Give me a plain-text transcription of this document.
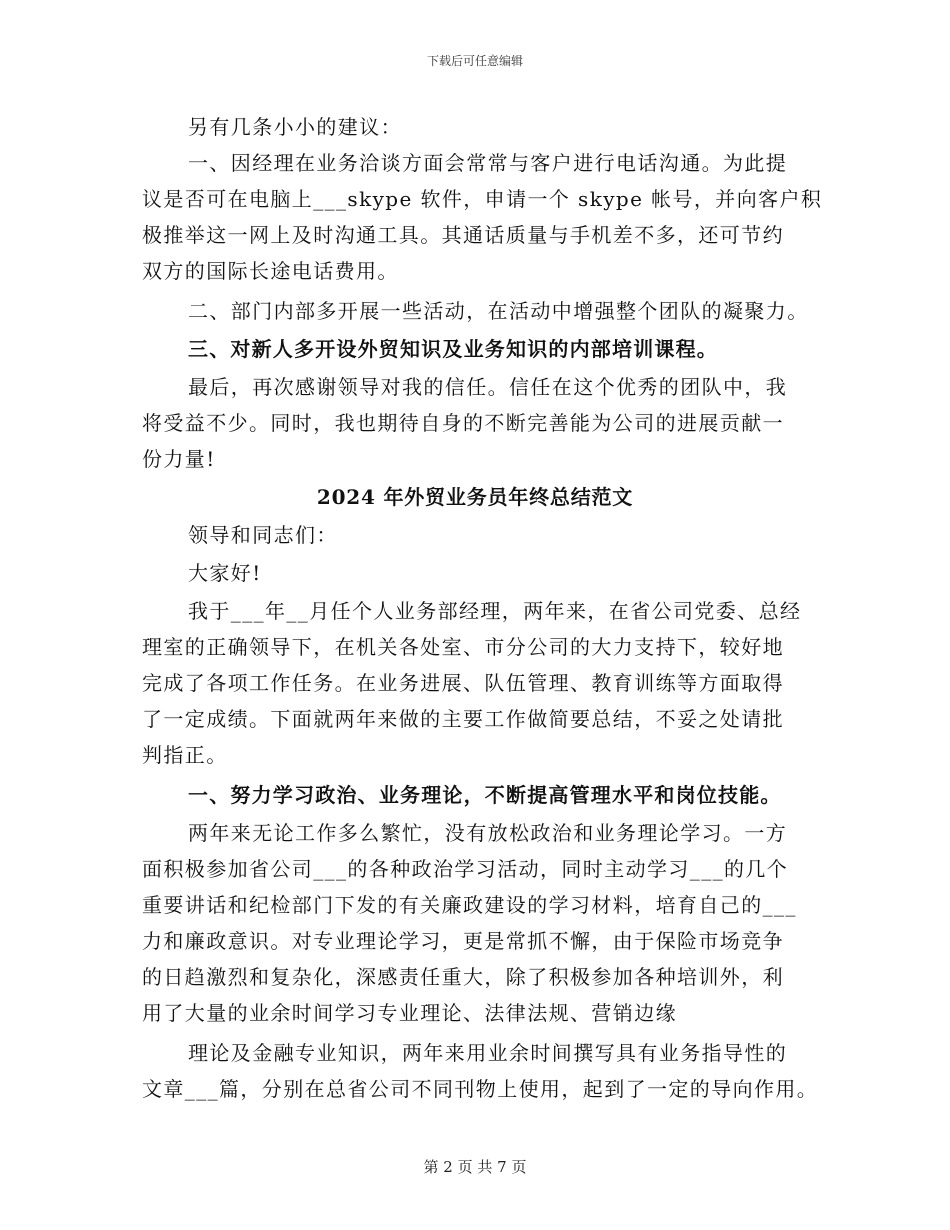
下载后可任意编辑
另有几条小小的建议：
一、因经理在业务洽谈方面会常常与客户进行电话沟通。为此提
议是否可在电脑上___skype 软件，申请一个 skype 帐号，并向客户积
极推举这一网上及时沟通工具。其通话质量与手机差不多，还可节约
双方的国际长途电话费用。
二、部门内部多开展一些活动，在活动中增强整个团队的凝聚力。
三、对新人多开设外贸知识及业务知识的内部培训课程。
最后，再次感谢领导对我的信任。信任在这个优秀的团队中，我
将受益不少。同时，我也期待自身的不断完善能为公司的进展贡献一
份力量!
2024 年外贸业务员年终总结范文
领导和同志们：
大家好!
我于___年__月任个人业务部经理，两年来，在省公司党委、总经
理室的正确领导下，在机关各处室、市分公司的大力支持下，较好地
完成了各项工作任务。在业务进展、队伍管理、教育训练等方面取得
了一定成绩。下面就两年来做的主要工作做简要总结，不妥之处请批
判指正。
一、努力学习政治、业务理论，不断提高管理水平和岗位技能。
两年来无论工作多么繁忙，没有放松政治和业务理论学习。一方
面积极参加省公司___的各种政治学习活动，同时主动学习___的几个
重要讲话和纪检部门下发的有关廉政建设的学习材料，培育自己的___
力和廉政意识。对专业理论学习，更是常抓不懈，由于保险市场竞争
的日趋激烈和复杂化，深感责任重大，除了积极参加各种培训外，利
用了大量的业余时间学习专业理论、法律法规、营销边缘
理论及金融专业知识，两年来用业余时间撰写具有业务指导性的
文章___篇，分别在总省公司不同刊物上使用，起到了一定的导向作用。
第 2 页 共 7 页
